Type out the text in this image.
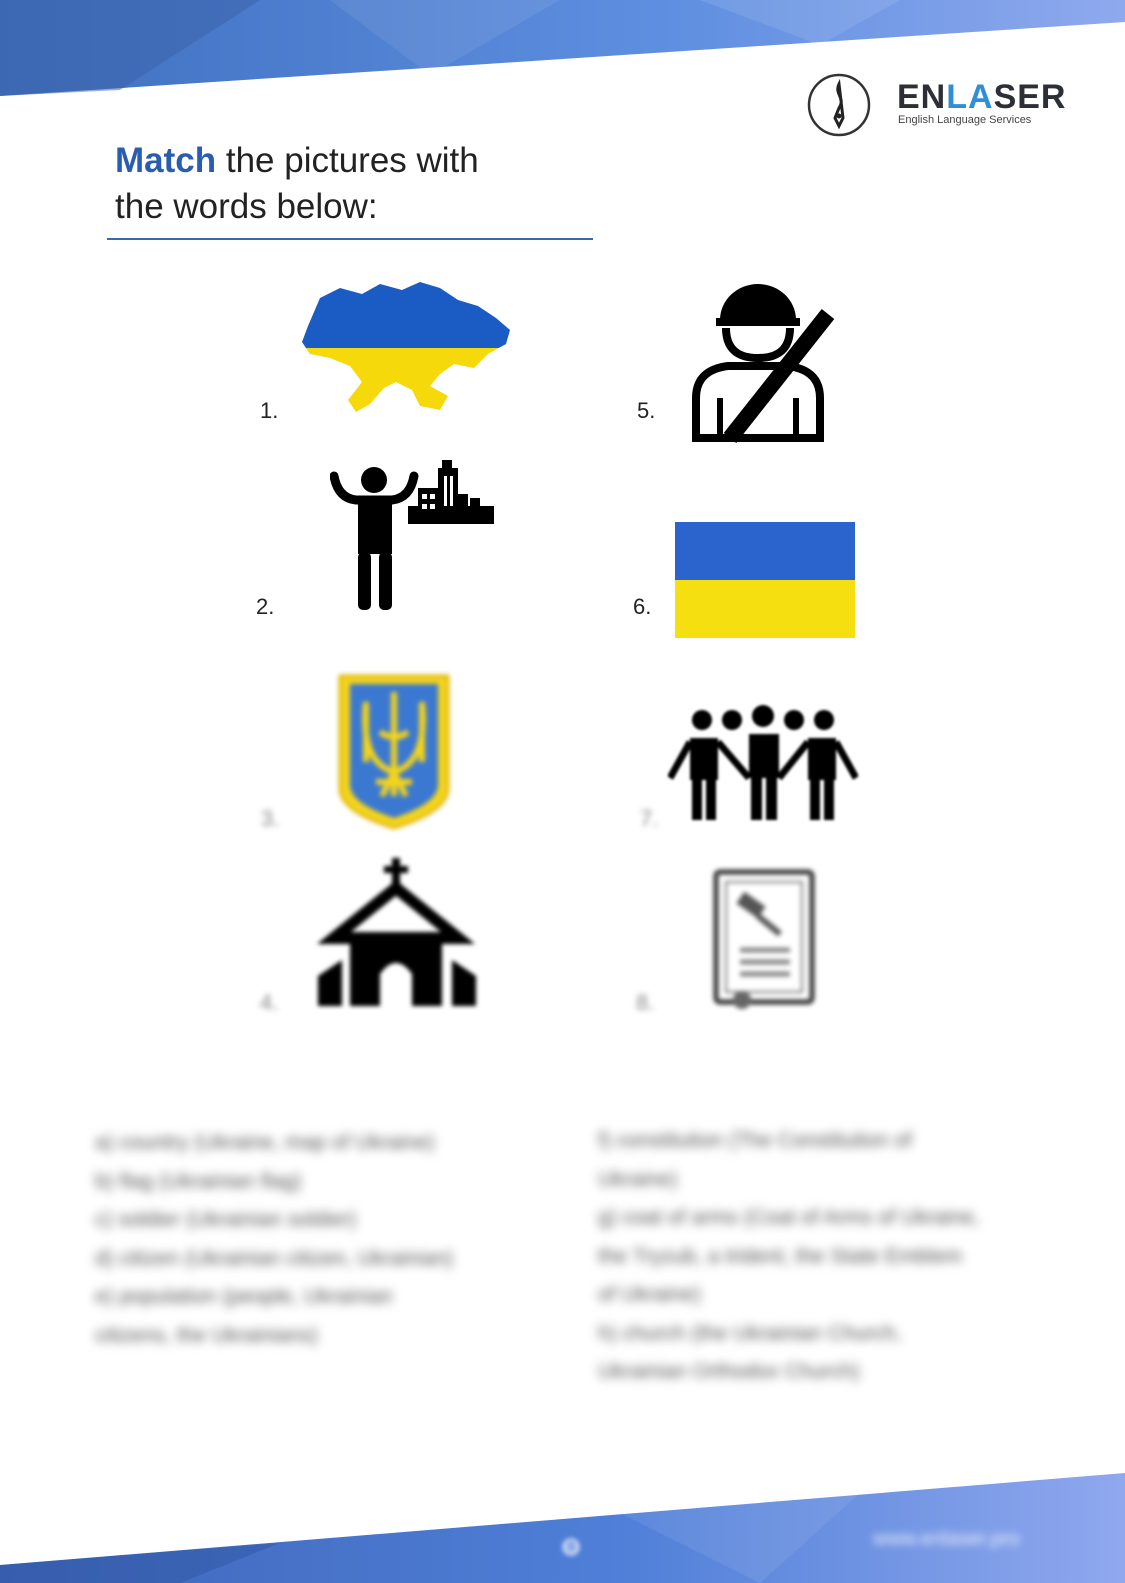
ENLASER
English Language Services
Match the pictures with
the words below:
1.
2.
3.
4.
5.
6.
7.
8.
a) country (Ukraine, map of Ukraine)
b) flag (Ukrainian flag)
c) soldier (Ukrainian soldier)
d) citizen (Ukrainian citizen, Ukrainian)
e) population (people, Ukrainian
citizens, the Ukrainians)
f) constitution (The Constitution of
Ukraine)
g) coat of arms (Coat of Arms of Ukraine,
the Tryzub, a trident, the State Emblem
of Ukraine)
h) church (the Ukrainian Church,
Ukrainian Orthodox Church)
9	www.enlaser.pro
